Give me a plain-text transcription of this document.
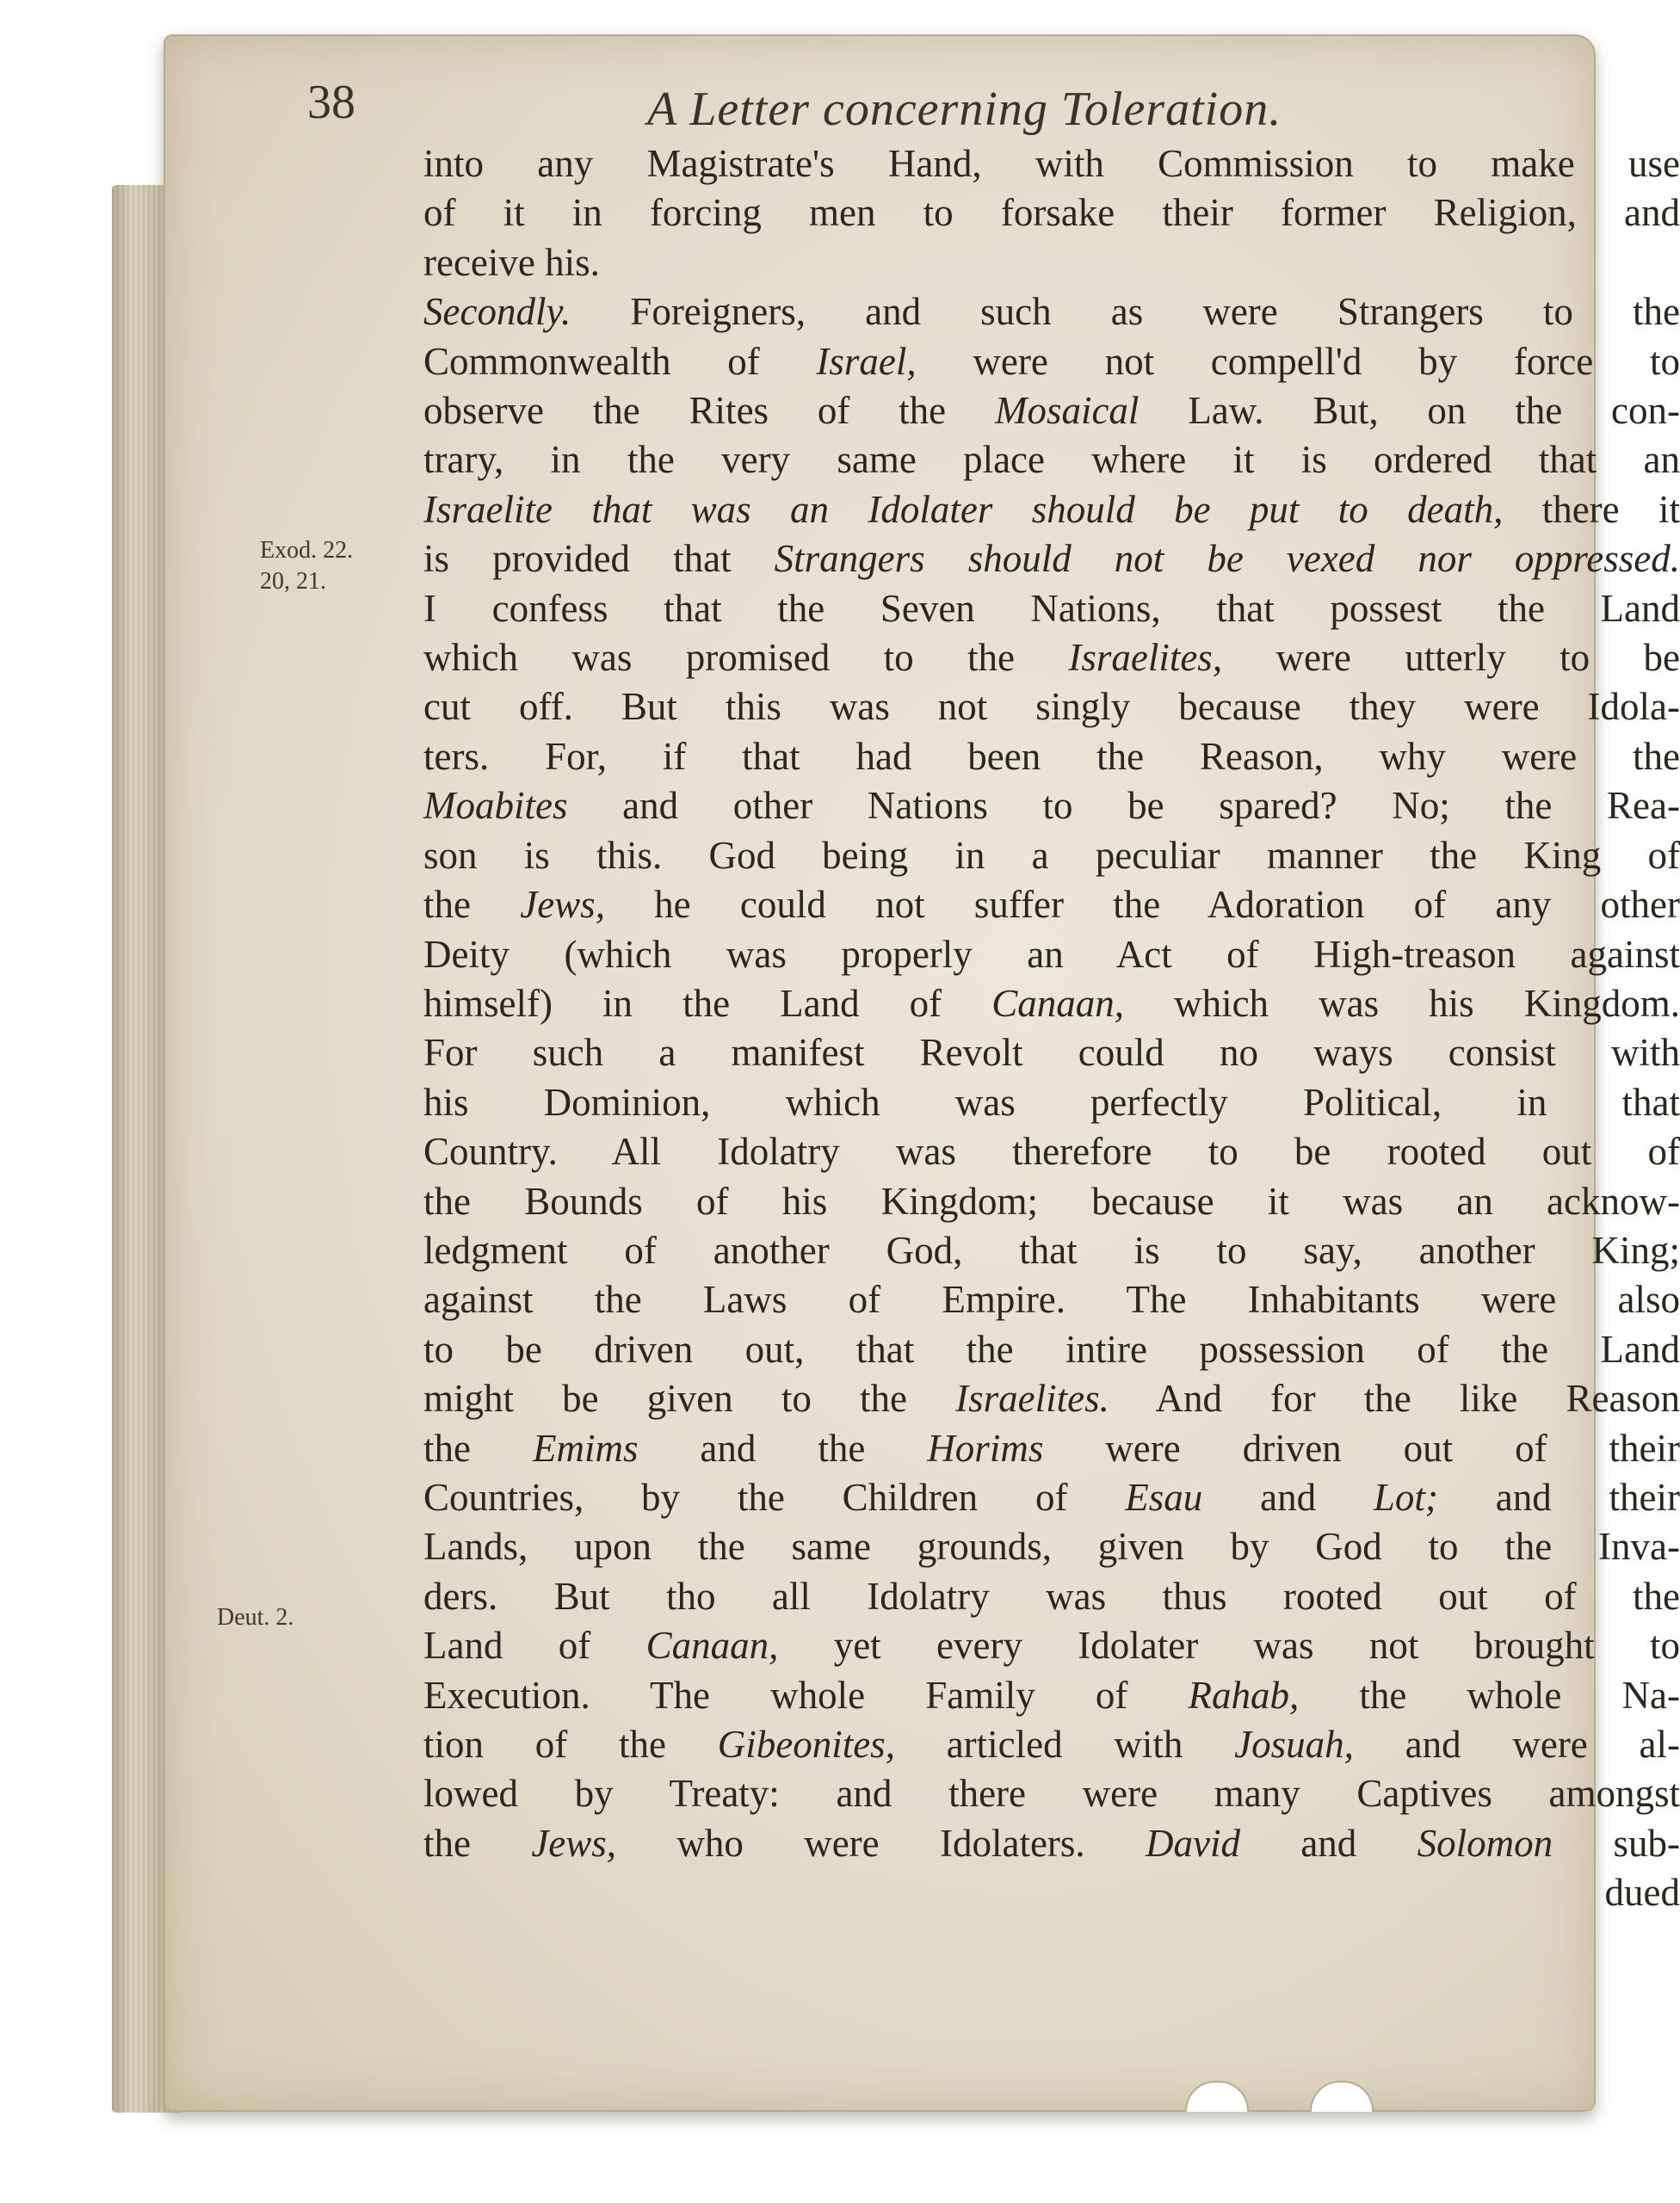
38	A Letter concerning Toleration.
Exod. 22.
20, 21.
Deut. 2.
into any Magistrate's Hand, with Commission to make use
of it in forcing men to forsake their former Religion, and
receive his.
Secondly. Foreigners, and such as were Strangers to the
Commonwealth of Israel, were not compell'd by force to
observe the Rites of the Mosaical Law. But, on the con-
trary, in the very same place where it is ordered that an
Israelite that was an Idolater should be put to death, there it
is provided that Strangers should not be vexed nor oppressed.
I confess that the Seven Nations, that possest the Land
which was promised to the Israelites, were utterly to be
cut off. But this was not singly because they were Idola-
ters. For, if that had been the Reason, why were the
Moabites and other Nations to be spared? No; the Rea-
son is this. God being in a peculiar manner the King of
the Jews, he could not suffer the Adoration of any other
Deity (which was properly an Act of High-treason against
himself) in the Land of Canaan, which was his Kingdom.
For such a manifest Revolt could no ways consist with
his Dominion, which was perfectly Political, in that
Country. All Idolatry was therefore to be rooted out of
the Bounds of his Kingdom; because it was an acknow-
ledgment of another God, that is to say, another King;
against the Laws of Empire. The Inhabitants were also
to be driven out, that the intire possession of the Land
might be given to the Israelites. And for the like Reason
the Emims and the Horims were driven out of their
Countries, by the Children of Esau and Lot; and their
Lands, upon the same grounds, given by God to the Inva-
ders. But tho all Idolatry was thus rooted out of the
Land of Canaan, yet every Idolater was not brought to
Execution. The whole Family of Rahab, the whole Na-
tion of the Gibeonites, articled with Josuah, and were al-
lowed by Treaty: and there were many Captives amongst
the Jews, who were Idolaters. David and Solomon sub-
dued
